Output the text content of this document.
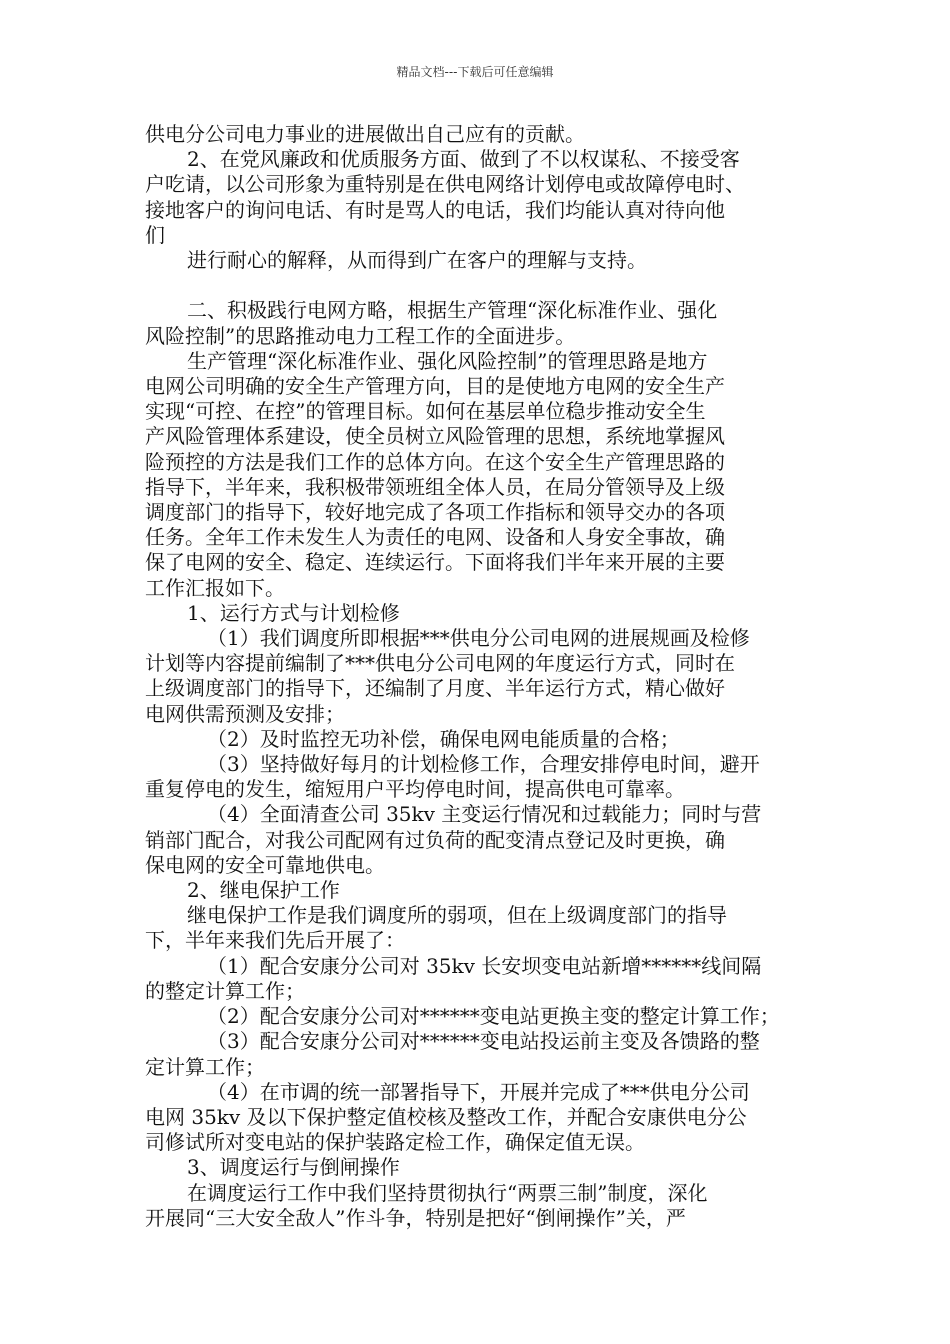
精品文档---下载后可任意编辑

供电分公司电力事业的进展做出自己应有的贡献。

2、在党风廉政和优质服务方面、做到了不以权谋私、不接受客

户吃请，以公司形象为重特别是在供电网络计划停电或故障停电时、

接地客户的询问电话、有时是骂人的电话，我们均能认真对待向他

们

进行耐心的解释，从而得到广在客户的理解与支持。

二、积极践行电网方略，根据生产管理“深化标准作业、强化

风险控制”的思路推动电力工程工作的全面进步。

生产管理“深化标准作业、强化风险控制”的管理思路是地方

电网公司明确的安全生产管理方向，目的是使地方电网的安全生产

实现“可控、在控”的管理目标。如何在基层单位稳步推动安全生

产风险管理体系建设，使全员树立风险管理的思想，系统地掌握风

险预控的方法是我们工作的总体方向。在这个安全生产管理思路的

指导下，半年来，我积极带领班组全体人员，在局分管领导及上级

调度部门的指导下，较好地完成了各项工作指标和领导交办的各项

任务。全年工作未发生人为责任的电网、设备和人身安全事故，确

保了电网的安全、稳定、连续运行。下面将我们半年来开展的主要

工作汇报如下。

1、运行方式与计划检修

（1）我们调度所即根据***供电分公司电网的进展规画及检修

计划等内容提前编制了***供电分公司电网的年度运行方式，同时在

上级调度部门的指导下，还编制了月度、半年运行方式，精心做好

电网供需预测及安排；

（2）及时监控无功补偿，确保电网电能质量的合格；

（3）坚持做好每月的计划检修工作，合理安排停电时间，避开

重复停电的发生，缩短用户平均停电时间，提高供电可靠率。

（4）全面清查公司 35kv 主变运行情况和过载能力；同时与营

销部门配合，对我公司配网有过负荷的配变清点登记及时更换，确

保电网的安全可靠地供电。

2、继电保护工作

继电保护工作是我们调度所的弱项，但在上级调度部门的指导

下，半年来我们先后开展了：

（1）配合安康分公司对 35kv 长安坝变电站新增******线间隔

的整定计算工作；

（2）配合安康分公司对******变电站更换主变的整定计算工作；

（3）配合安康分公司对******变电站投运前主变及各馈路的整

定计算工作；

（4）在市调的统一部署指导下，开展并完成了***供电分公司

电网 35kv 及以下保护整定值校核及整改工作，并配合安康供电分公

司修试所对变电站的保护装路定检工作，确保定值无误。

3、调度运行与倒闸操作

在调度运行工作中我们坚持贯彻执行“两票三制”制度，深化

开展同“三大安全敌人”作斗争，特别是把好“倒闸操作”关，严
